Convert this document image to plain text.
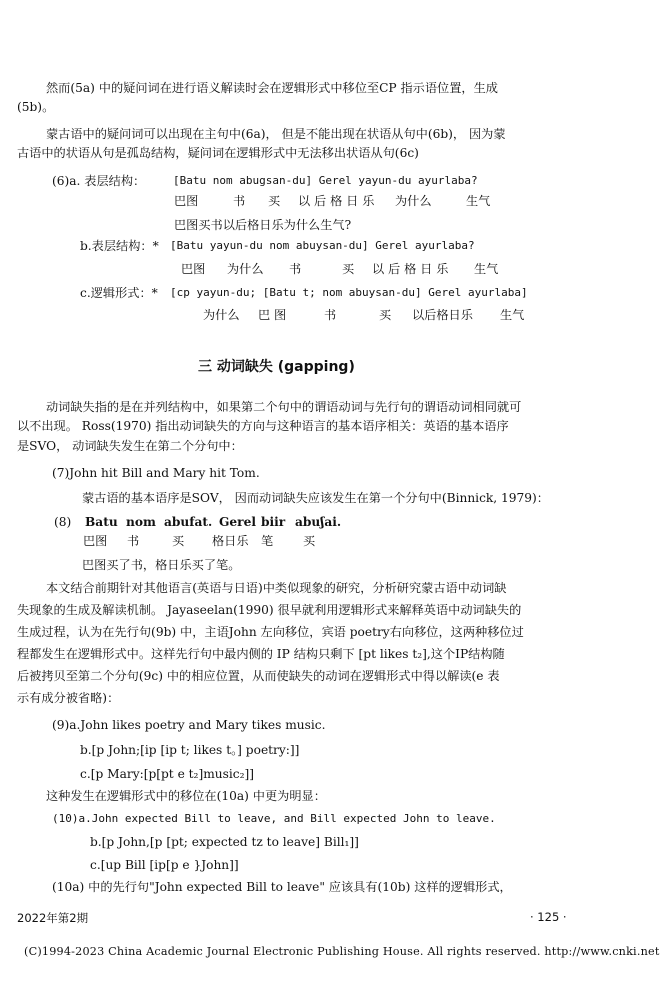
然而(5a) 中的疑问词在进行语义解读时会在逻辑形式中移位至CP 指示语位置，生成
(5b)。
蒙古语中的疑问词可以出现在主句中(6a)， 但是不能出现在状语从句中(6b)， 因为蒙
古语中的状语从句是孤岛结构，疑问词在逻辑形式中无法移出状语从句(6c)
(6)a. 表层结构：	[Batu nom abugsan-du] Gerel yayun-du ayurlaba?
巴图	书 买 以 后 格 日 乐 为什么	生气
巴图买书以后格日乐为什么生气?
b.表层结构：* [Batu yayun-du nom abuysan-du] Gerel ayurlaba?
巴图 为什么 书	买 以 后 格 日 乐 生气
c.逻辑形式：* [cp yayun-du; [Batu t; nom abuysan-du] Gerel ayurlaba]
为什么 巴 图	书	买 以后格日乐 生气
三 动词缺失 (gapping)
动词缺失指的是在并列结构中，如果第二个句中的谓语动词与先行句的谓语动词相同就可
以不出现。 Ross(1970) 指出动词缺失的方向与这种语言的基本语序相关：英语的基本语序
是SVO， 动词缺失发生在第二个分句中：
(7)John hit Bill and Mary hit Tom.
蒙古语的基本语序是SOV， 因而动词缺失应该发生在第一个分句中(Binnick, 1979)：
(8) Batu nom abufat. Gerel biir abuʃai.
巴图 书	买 格日乐 笔 买
巴图买了书，格日乐买了笔。
本文结合前期针对其他语言(英语与日语)中类似现象的研究，分析研究蒙古语中动词缺
失现象的生成及解读机制。 Jayaseelan(1990) 很早就利用逻辑形式来解释英语中动词缺失的
生成过程，认为在先行句(9b) 中，主语John 左向移位，宾语 poetry右向移位，这两种移位过
程都发生在逻辑形式中。这样先行句中最内侧的 IP 结构只剩下 [pt likes t₂],这个IP结构随
后被拷贝至第二个分句(9c) 中的相应位置，从而使缺失的动词在逻辑形式中得以解读(e 表
示有成分被省略)：
(9)a.John likes poetry and Mary tikes music.
b.[p John;[ip [ip t; likes t。] poetry:]]
c.[p Mary:[p[pt e t₂]music₂]]
这种发生在逻辑形式中的移位在(10a) 中更为明显：
(10)a.John expected Bill to leave, and Bill expected John to leave.
b.[p John,[p [pt; expected tz to leave] Bill₁]]
c.[up Bill [ip[p e }John]]
(10a) 中的先行句"John expected Bill to leave" 应该具有(10b) 这样的逻辑形式，
2022年第2期	· 125 ·
(C)1994-2023 China Academic Journal Electronic Publishing House. All rights reserved. http://www.cnki.net
